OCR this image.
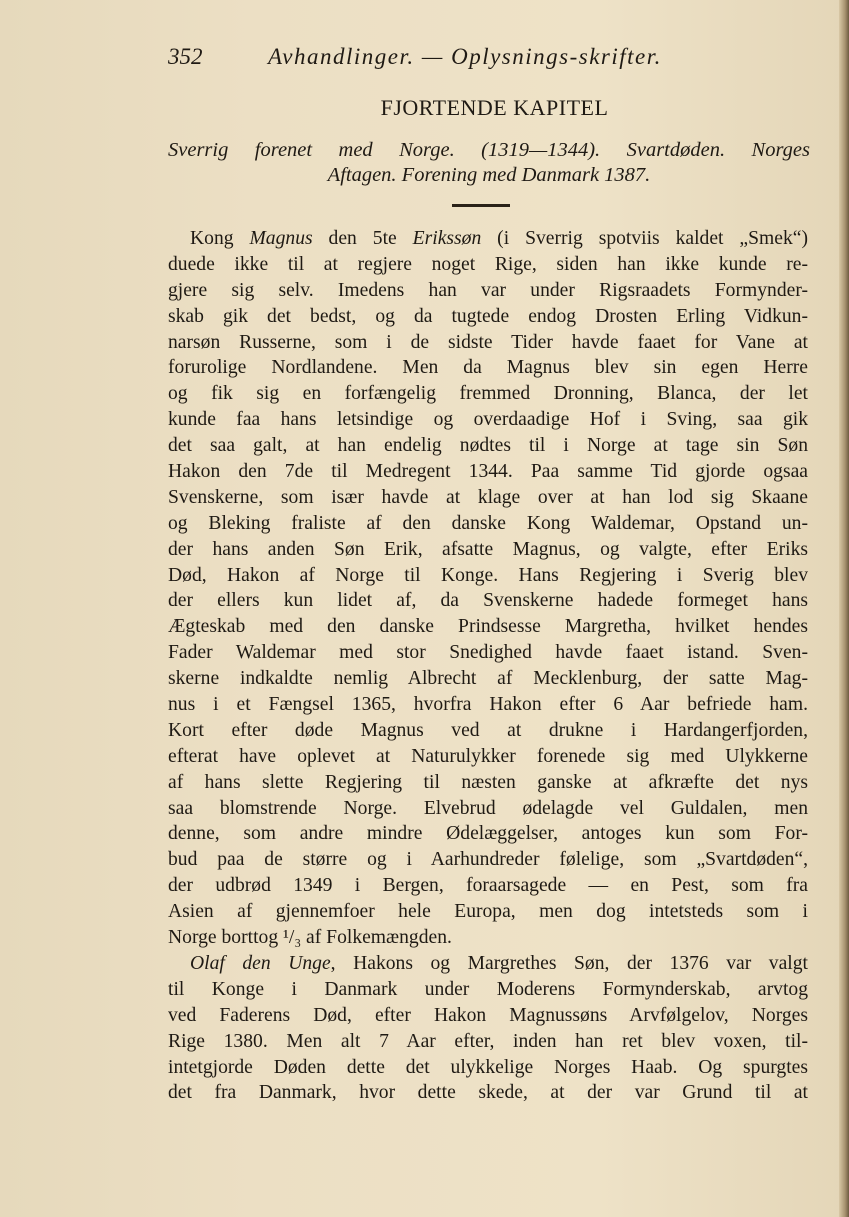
352	Avhandlinger. — Oplysnings-skrifter.
FJORTENDE KAPITEL
Sverrig forenet med Norge. (1319—1344). Svartdøden. Norges
Aftagen. Forening med Danmark 1387.
Kong Magnus den 5te Erikssøn (i Sverrig spotviis kaldet „Smek“)
duede ikke til at regjere noget Rige, siden han ikke kunde re-
gjere sig selv. Imedens han var under Rigsraadets Formynder-
skab gik det bedst, og da tugtede endog Drosten Erling Vidkun-
narsøn Russerne, som i de sidste Tider havde faaet for Vane at
forurolige Nordlandene. Men da Magnus blev sin egen Herre
og fik sig en forfængelig fremmed Dronning, Blanca, der let
kunde faa hans letsindige og overdaadige Hof i Sving, saa gik
det saa galt, at han endelig nødtes til i Norge at tage sin Søn
Hakon den 7de til Medregent 1344. Paa samme Tid gjorde ogsaa
Svenskerne, som især havde at klage over at han lod sig Skaane
og Bleking fraliste af den danske Kong Waldemar, Opstand un-
der hans anden Søn Erik, afsatte Magnus, og valgte, efter Eriks
Død, Hakon af Norge til Konge. Hans Regjering i Sverig blev
der ellers kun lidet af, da Svenskerne hadede formeget hans
Ægteskab med den danske Prindsesse Margretha, hvilket hendes
Fader Waldemar med stor Snedighed havde faaet istand. Sven-
skerne indkaldte nemlig Albrecht af Mecklenburg, der satte Mag-
nus i et Fængsel 1365, hvorfra Hakon efter 6 Aar befriede ham.
Kort efter døde Magnus ved at drukne i Hardangerfjorden,
efterat have oplevet at Naturulykker forenede sig med Ulykkerne
af hans slette Regjering til næsten ganske at afkræfte det nys
saa blomstrende Norge. Elvebrud ødelagde vel Guldalen, men
denne, som andre mindre Ødelæggelser, antoges kun som For-
bud paa de større og i Aarhundreder følelige, som „Svartdøden“,
der udbrød 1349 i Bergen, foraarsagede — en Pest, som fra
Asien af gjennemfoer hele Europa, men dog intetsteds som i
Norge borttog ¹/₃ af Folkemængden.
Olaf den Unge, Hakons og Margrethes Søn, der 1376 var valgt
til Konge i Danmark under Moderens Formynderskab, arvtog
ved Faderens Død, efter Hakon Magnussøns Arvfølgelov, Norges
Rige 1380. Men alt 7 Aar efter, inden han ret blev voxen, til-
intetgjorde Døden dette det ulykkelige Norges Haab. Og spurgtes
det fra Danmark, hvor dette skede, at der var Grund til at
